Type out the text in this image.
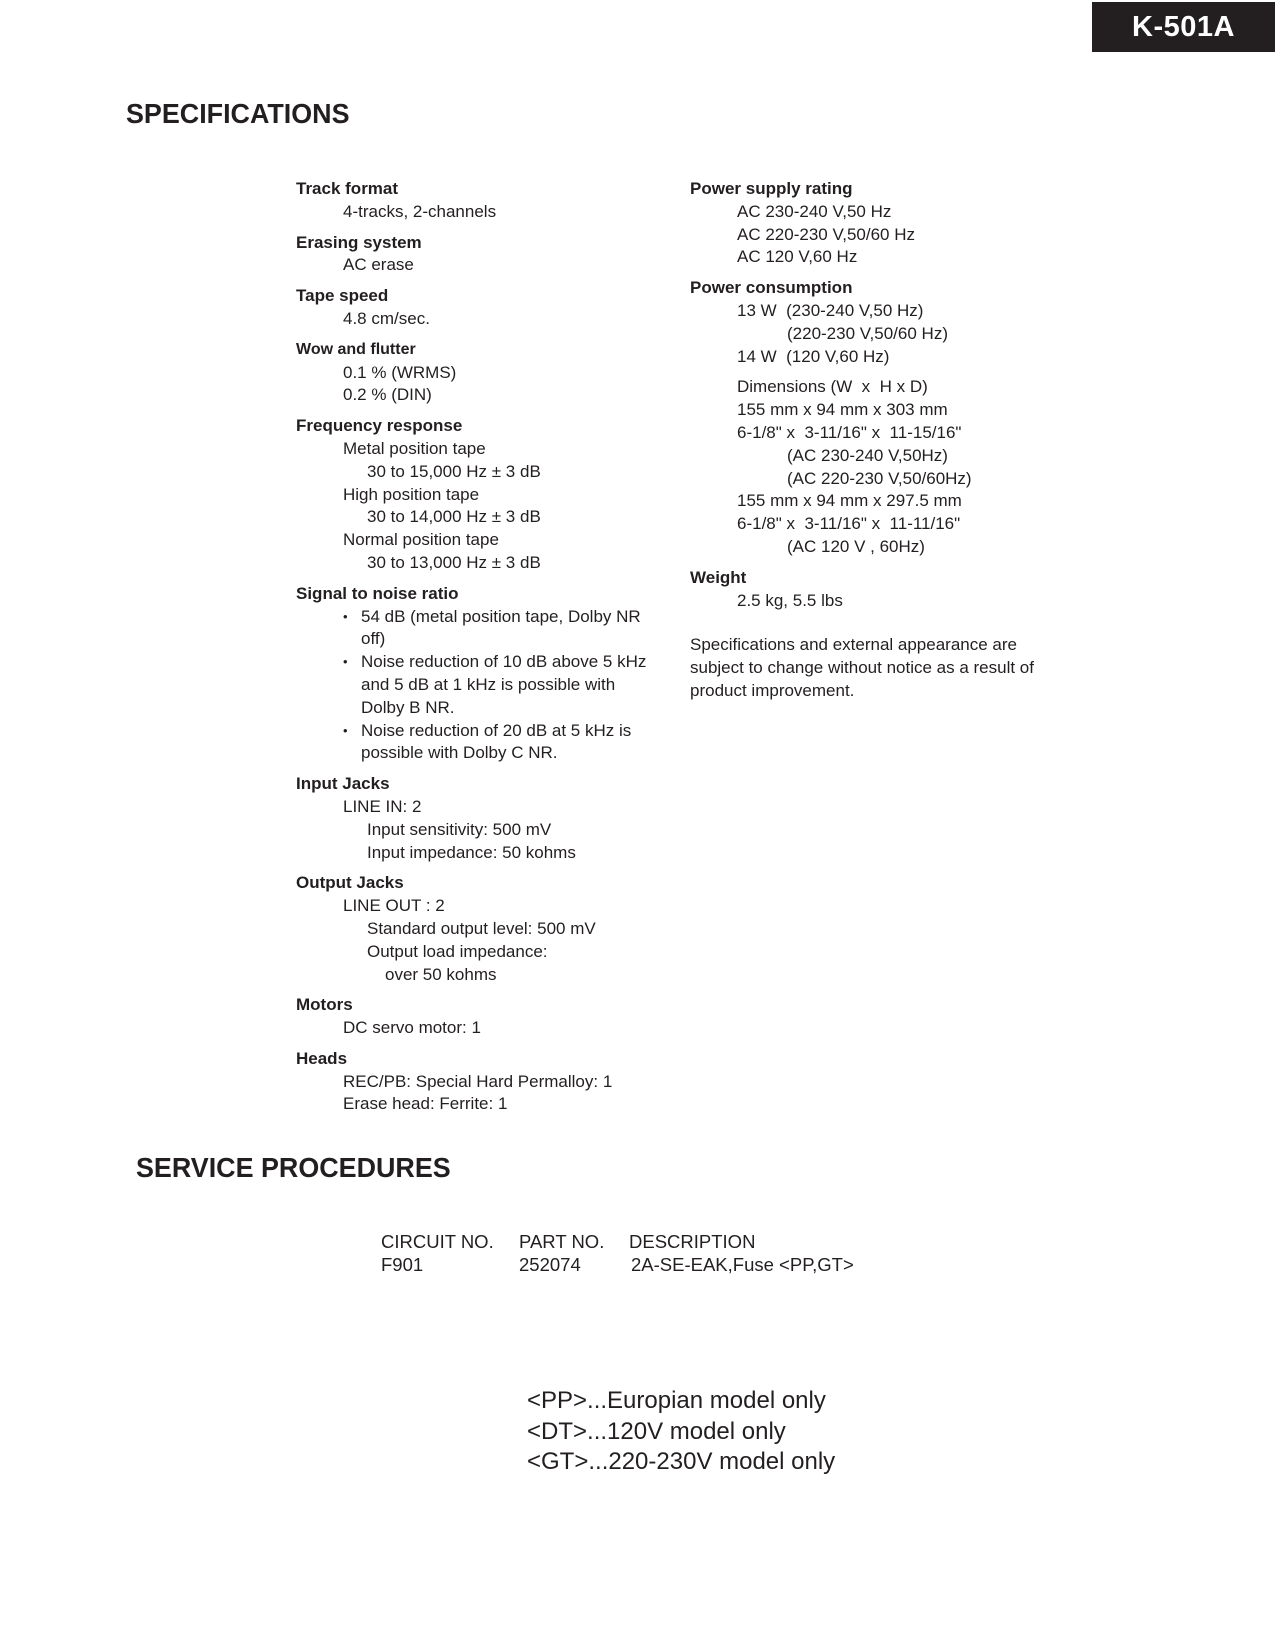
K-501A
SPECIFICATIONS
Track format
4-tracks, 2-channels
Erasing system
AC erase
Tape speed
4.8 cm/sec.
Wow and flutter
0.1 % (WRMS)
0.2 % (DIN)
Frequency response
Metal position tape
30 to 15,000 Hz ± 3 dB
High position tape
30 to 14,000 Hz ± 3 dB
Normal position tape
30 to 13,000 Hz ± 3 dB
Signal to noise ratio
• 54 dB (metal position tape, Dolby NR off)
• Noise reduction of 10 dB above 5 kHz and 5 dB at 1 kHz is possible with Dolby B NR.
• Noise reduction of 20 dB at 5 kHz is possible with Dolby C NR.
Input Jacks
LINE IN: 2
Input sensitivity: 500 mV
Input impedance: 50 kohms
Output Jacks
LINE OUT : 2
Standard output level: 500 mV
Output load impedance:
over 50 kohms
Motors
DC servo motor: 1
Heads
REC/PB: Special Hard Permalloy: 1
Erase head: Ferrite: 1
Power supply rating
AC 230-240 V,50 Hz
AC 220-230 V,50/60 Hz
AC 120 V,60 Hz
Power consumption
13 W  (230-240 V,50 Hz)
(220-230 V,50/60 Hz)
14 W  (120 V,60 Hz)
Dimensions (W  x  H x D)
155 mm x 94 mm x 303 mm
6-1/8" x  3-11/16" x  11-15/16"
(AC 230-240 V,50Hz)
(AC 220-230 V,50/60Hz)
155 mm x 94 mm x 297.5 mm
6-1/8" x  3-11/16" x  11-11/16"
(AC 120 V , 60Hz)
Weight
2.5 kg, 5.5 lbs
Specifications and external appearance are subject to change without notice as a result of product improvement.
SERVICE PROCEDURES
CIRCUIT NO.	PART NO.	DESCRIPTION
F901	252074	2A-SE-EAK,Fuse <PP,GT>
<PP>...Europian model only
<DT>...120V model only
<GT>...220-230V model only
